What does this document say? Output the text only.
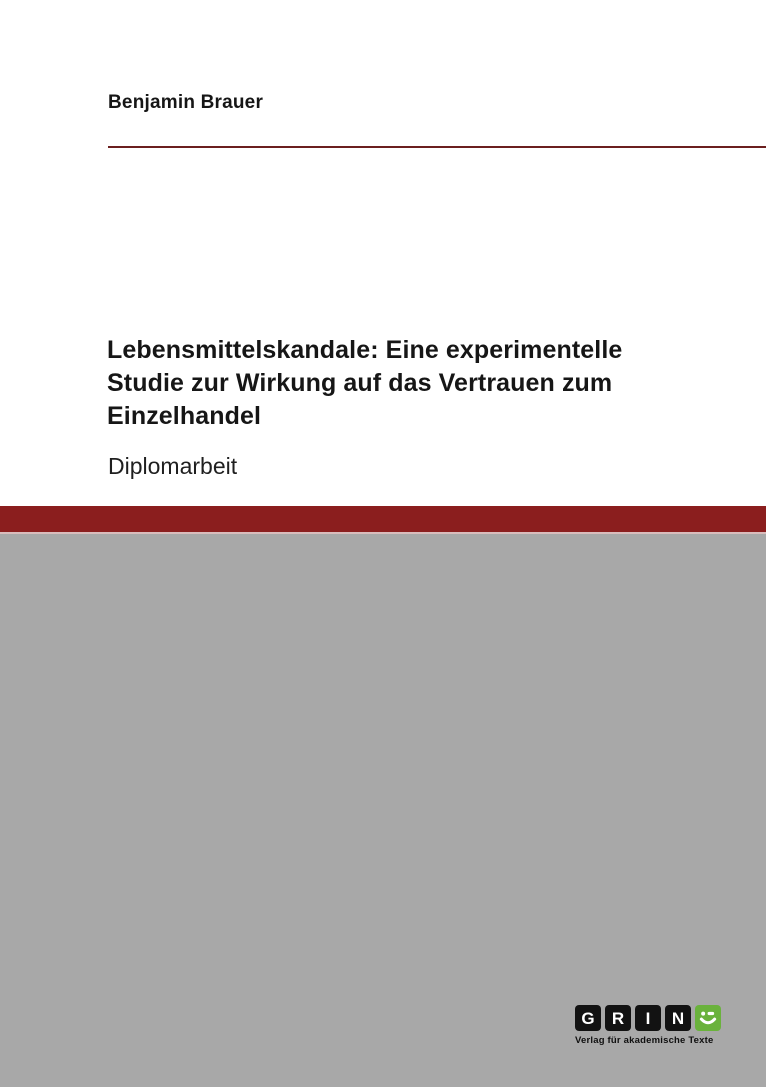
Benjamin Brauer
Lebensmittelskandale: Eine experimentelle
Studie zur Wirkung auf das Vertrauen zum
Einzelhandel
Diplomarbeit
G R I N
Verlag für akademische Texte
